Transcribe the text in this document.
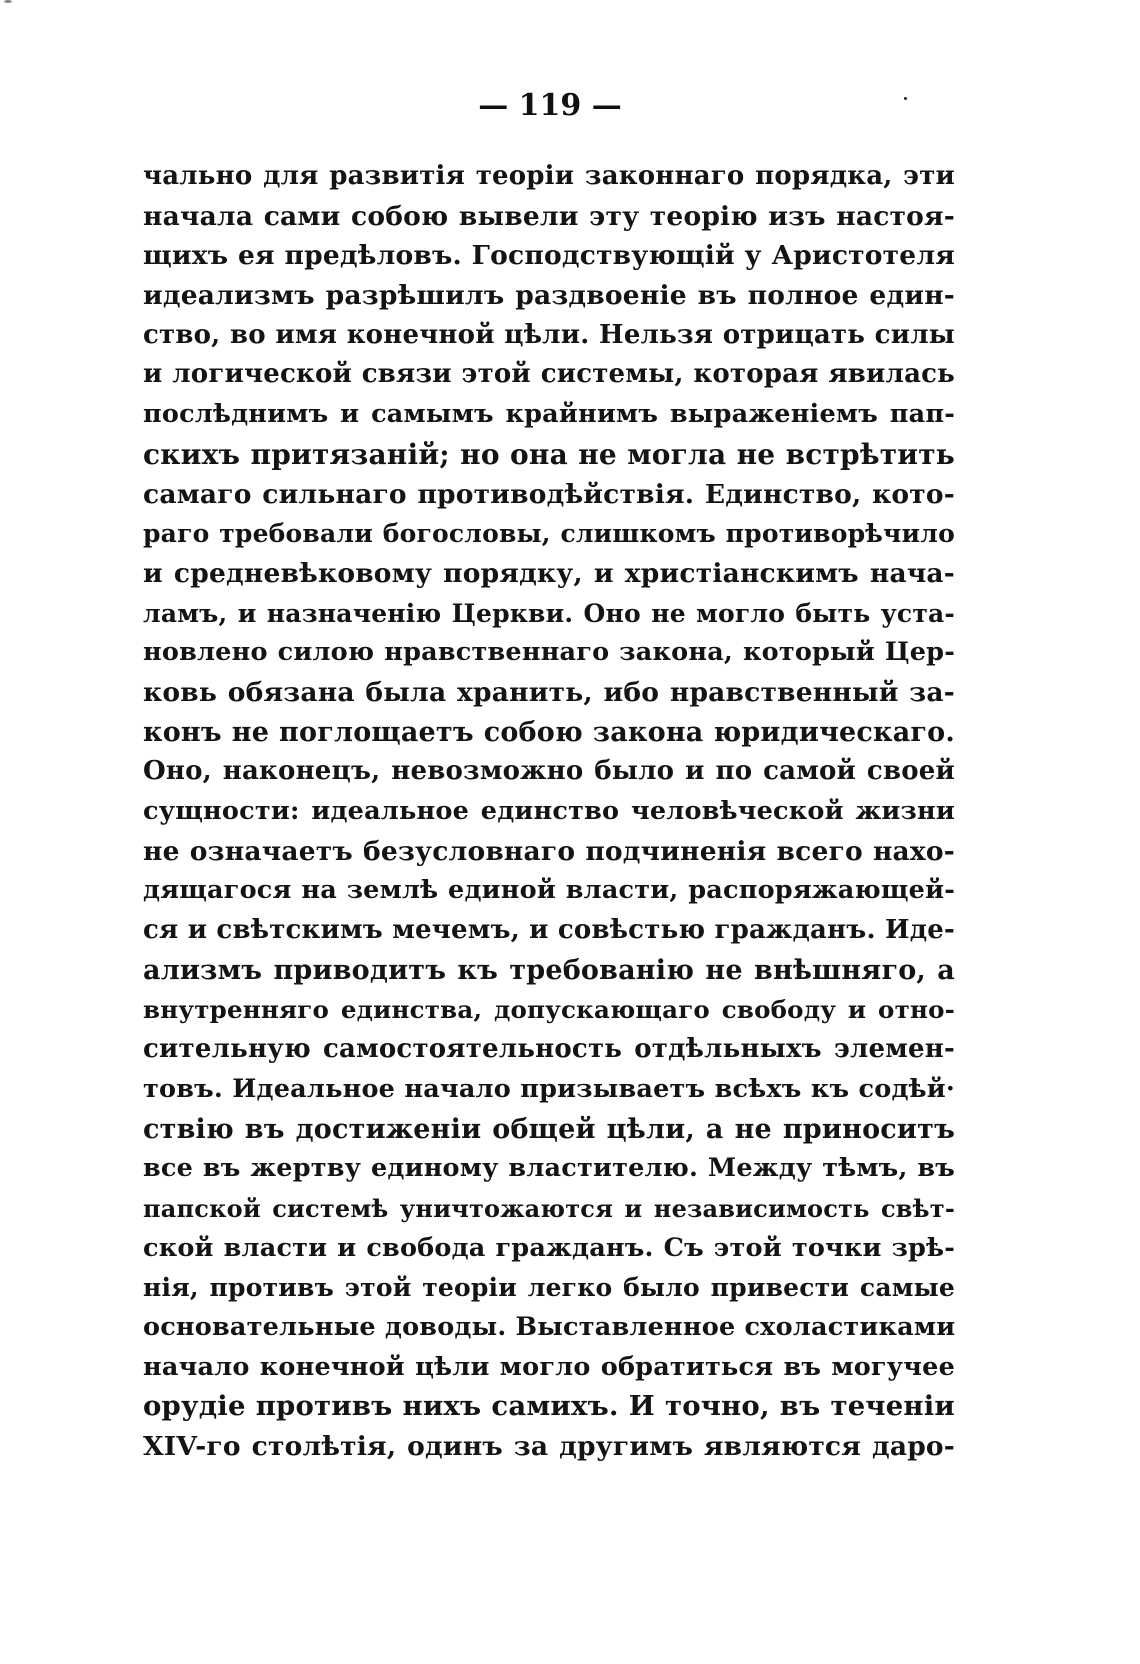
— 119 —
чально для развитія теоріи законнаго порядка, эти
начала сами собою вывели эту теорію изъ настоя-
щихъ ея предѣловъ. Господствующій у Аристотеля
идеализмъ разрѣшилъ раздвоеніе въ полное един-
ство, во имя конечной цѣли. Нельзя отрицать силы
и логической связи этой системы, которая явилась
послѣднимъ и самымъ крайнимъ выраженіемъ пап-
скихъ притязаній; но она не могла не встрѣтить
самаго сильнаго противодѣйствія. Единство, кото-
раго требовали богословы, слишкомъ противорѣчило
и средневѣковому порядку, и христіанскимъ нача-
ламъ, и назначенію Церкви. Оно не могло быть уста-
новлено силою нравственнаго закона, который Цер-
ковь обязана была хранить, ибо нравственный за-
конъ не поглощаетъ собою закона юридическаго.
Оно, наконецъ, невозможно было и по самой своей
сущности: идеальное единство человѣческой жизни
не означаетъ безусловнаго подчиненія всего нахо-
дящагося на землѣ единой власти, распоряжающей-
ся и свѣтскимъ мечемъ, и совѣстью гражданъ. Иде-
ализмъ приводитъ къ требованію не внѣшняго, а
внутренняго единства, допускающаго свободу и отно-
сительную самостоятельность отдѣльныхъ элемен-
товъ. Идеальное начало призываетъ всѣхъ къ содѣй·
ствію въ достиженіи общей цѣли, а не приноситъ
все въ жертву единому властителю. Между тѣмъ, въ
папской системѣ уничтожаются и независимость свѣт-
ской власти и свобода гражданъ. Съ этой точки зрѣ-
нія, противъ этой теоріи легко было привести самые
основательные доводы. Выставленное схоластиками
начало конечной цѣли могло обратиться въ могучее
орудіе противъ нихъ самихъ. И точно, въ теченіи
XIV-го столѣтія, одинъ за другимъ являются даро-
